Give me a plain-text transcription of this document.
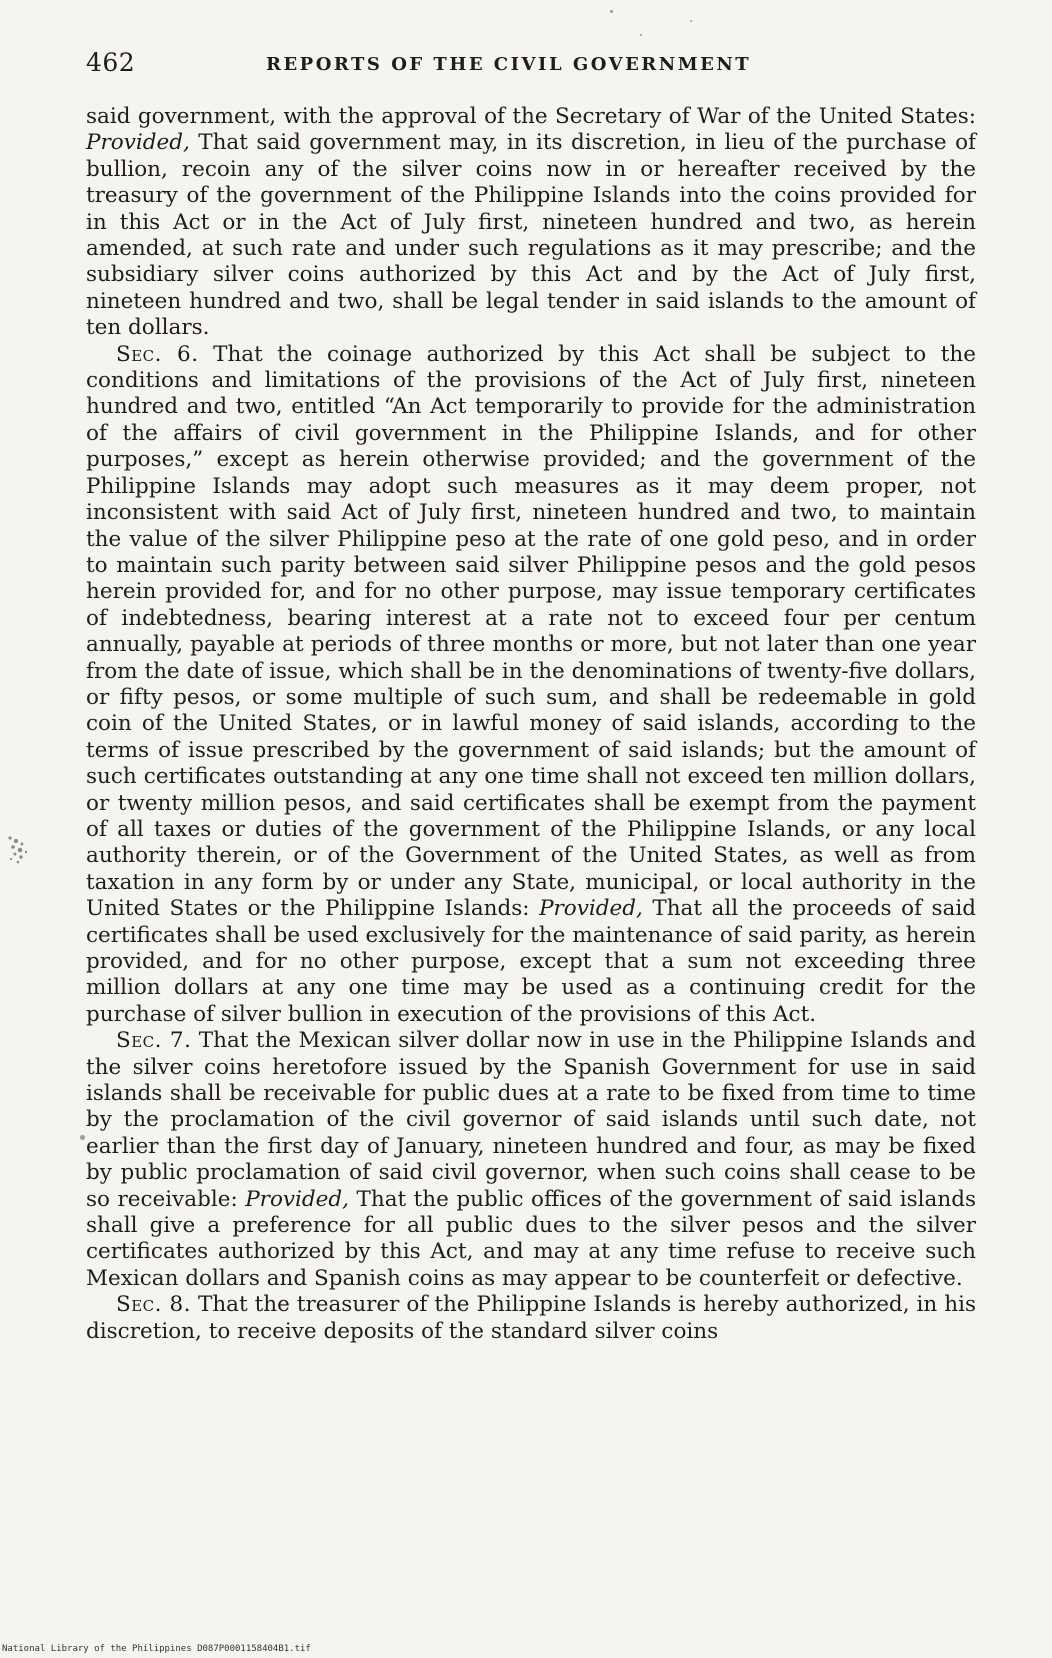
462	REPORTS OF THE CIVIL GOVERNMENT

said government, with the approval of the Secretary of War of the United States: Provided, That said government may, in its discretion, in lieu of the purchase of bullion, recoin any of the silver coins now in or hereafter received by the treasury of the government of the Philippine Islands into the coins provided for in this Act or in the Act of July first, nineteen hundred and two, as herein amended, at such rate and under such regulations as it may prescribe; and the subsidiary silver coins authorized by this Act and by the Act of July first, nineteen hundred and two, shall be legal tender in said islands to the amount of ten dollars.

Sec. 6. That the coinage authorized by this Act shall be subject to the conditions and limitations of the provisions of the Act of July first, nineteen hundred and two, entitled “An Act temporarily to provide for the administration of the affairs of civil government in the Philippine Islands, and for other purposes,” except as herein otherwise provided; and the government of the Philippine Islands may adopt such measures as it may deem proper, not inconsistent with said Act of July first, nineteen hundred and two, to maintain the value of the silver Philippine peso at the rate of one gold peso, and in order to maintain such parity between said silver Philippine pesos and the gold pesos herein provided for, and for no other purpose, may issue temporary certificates of indebtedness, bearing interest at a rate not to exceed four per centum annually, payable at periods of three months or more, but not later than one year from the date of issue, which shall be in the denominations of twenty-five dollars, or fifty pesos, or some multiple of such sum, and shall be redeemable in gold coin of the United States, or in lawful money of said islands, according to the terms of issue prescribed by the government of said islands; but the amount of such certificates outstanding at any one time shall not exceed ten million dollars, or twenty million pesos, and said certificates shall be exempt from the payment of all taxes or duties of the government of the Philippine Islands, or any local authority therein, or of the Government of the United States, as well as from taxation in any form by or under any State, municipal, or local authority in the United States or the Philippine Islands: Provided, That all the proceeds of said certificates shall be used exclusively for the maintenance of said parity, as herein provided, and for no other purpose, except that a sum not exceeding three million dollars at any one time may be used as a continuing credit for the purchase of silver bullion in execution of the provisions of this Act.

Sec. 7. That the Mexican silver dollar now in use in the Philippine Islands and the silver coins heretofore issued by the Spanish Government for use in said islands shall be receivable for public dues at a rate to be fixed from time to time by the proclamation of the civil governor of said islands until such date, not earlier than the first day of January, nineteen hundred and four, as may be fixed by public proclamation of said civil governor, when such coins shall cease to be so receivable: Provided, That the public offices of the government of said islands shall give a preference for all public dues to the silver pesos and the silver certificates authorized by this Act, and may at any time refuse to receive such Mexican dollars and Spanish coins as may appear to be counterfeit or defective.

Sec. 8. That the treasurer of the Philippine Islands is hereby authorized, in his discretion, to receive deposits of the standard silver coins

National Library of the Philippines D087P0001158404B1.tif
